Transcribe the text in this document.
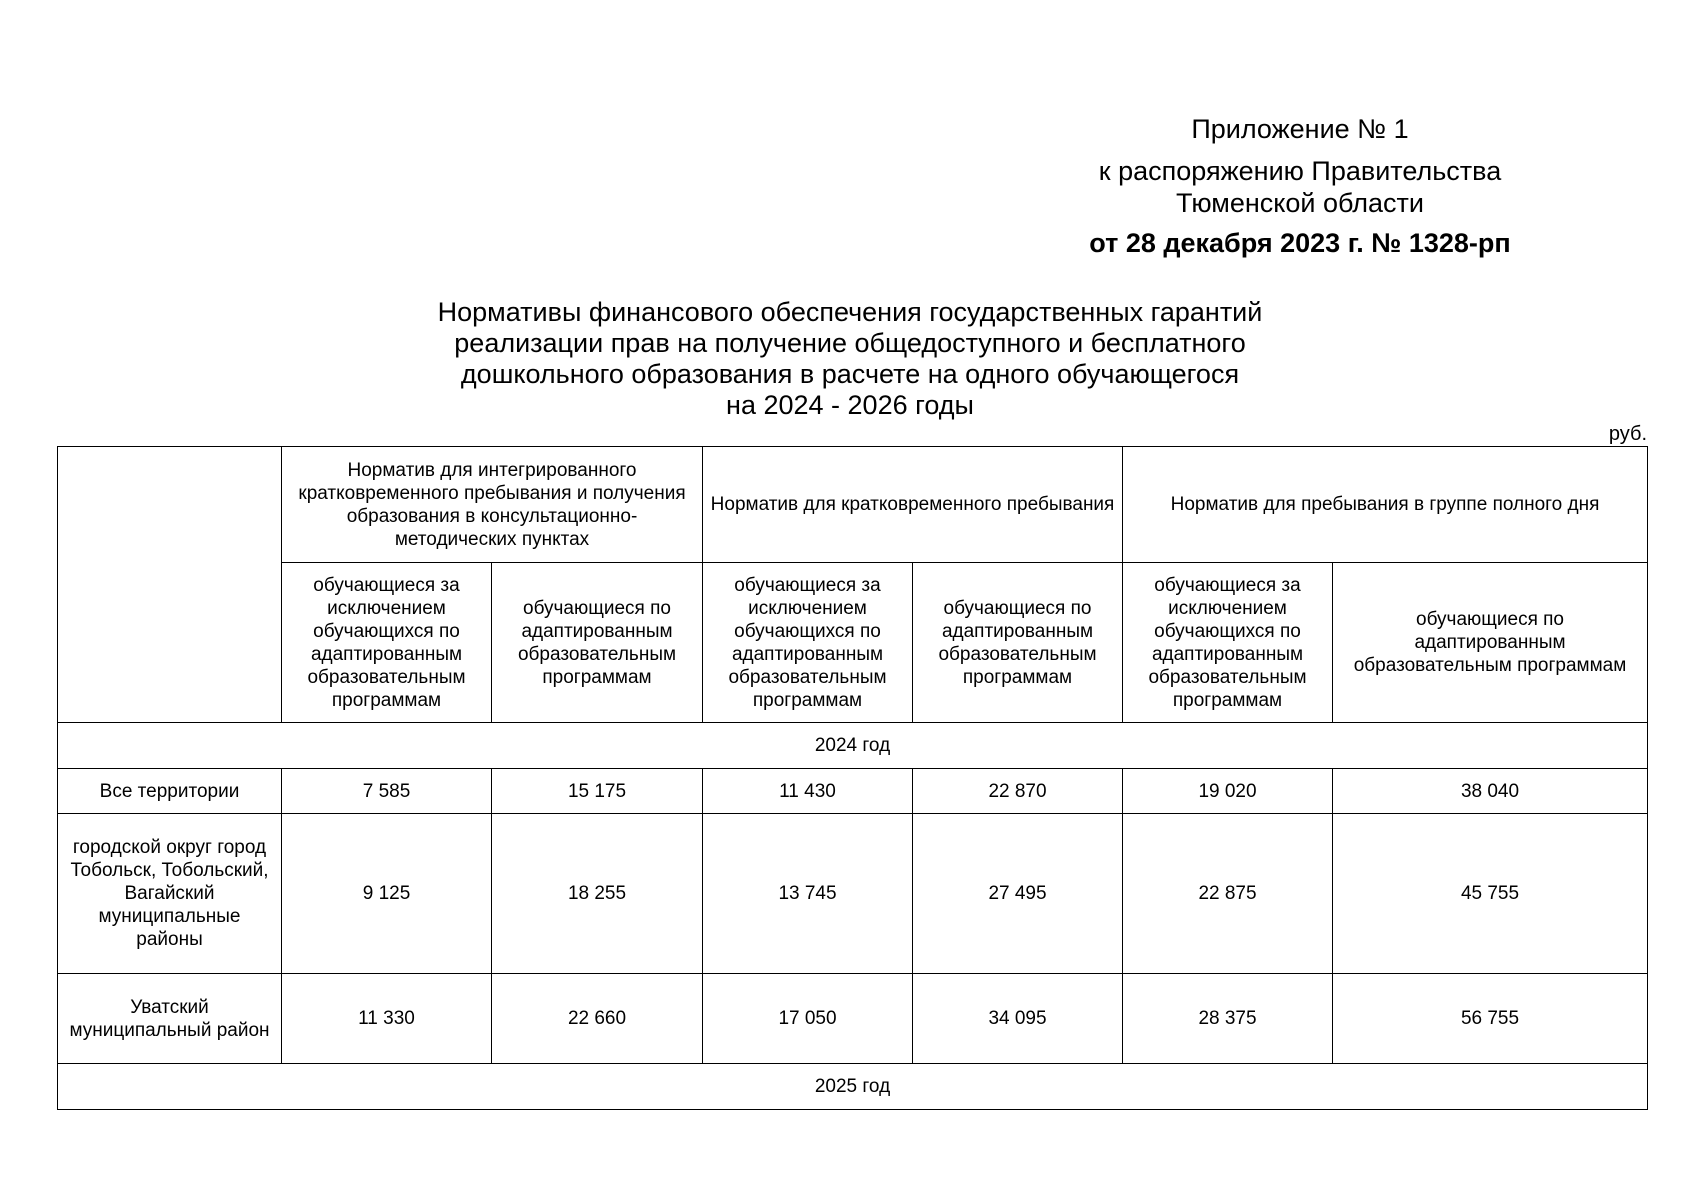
Приложение № 1
к распоряжению Правительства
Тюменской области
от 28 декабря 2023 г. № 1328-рп
Нормативы финансового обеспечения государственных гарантий
реализации прав на получение общедоступного и бесплатного
дошкольного образования в расчете на одного обучающегося
на 2024 - 2026 годы
руб.
	Норматив для интегрированного кратковременного пребывания и получения образования в консультационно-методических пунктах		Норматив для кратковременного пребывания		Норматив для пребывания в группе полного дня	
	обучающиеся за исключением обучающихся по адаптированным образовательным программам	обучающиеся по адаптированным образовательным программам	обучающиеся за исключением обучающихся по адаптированным образовательным программам	обучающиеся по адаптированным образовательным программам	обучающиеся за исключением обучающихся по адаптированным образовательным программам	обучающиеся по адаптированным образовательным программам
2024 год						
Все территории	7 585	15 175	11 430	22 870	19 020	38 040
городской округ город Тобольск, Тобольский, Вагайский муниципальные районы	9 125	18 255	13 745	27 495	22 875	45 755
Уватский муниципальный район	11 330	22 660	17 050	34 095	28 375	56 755
2025 год						
